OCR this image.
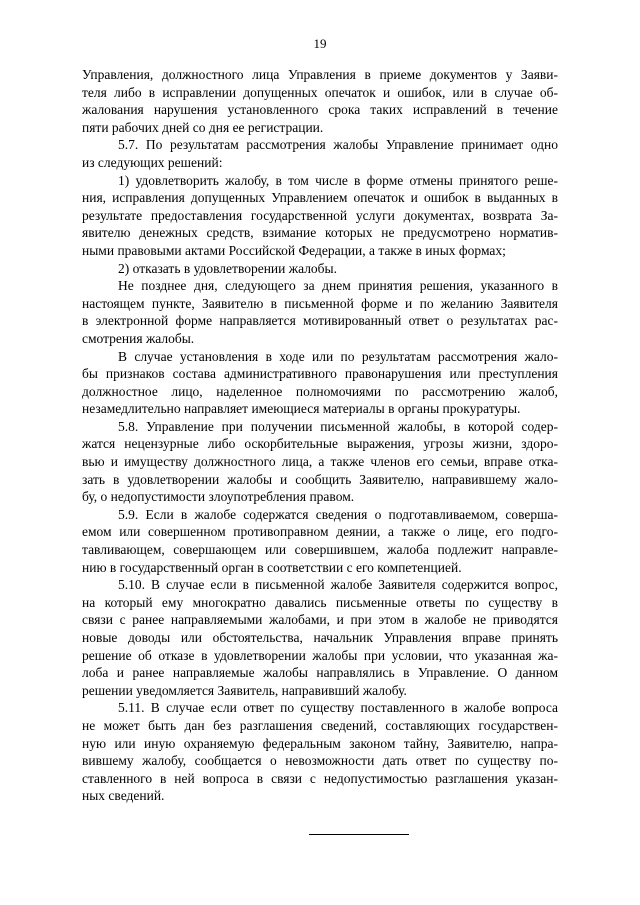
19
Управления, должностного лица Управления в приеме документов у Заяви-
теля либо в исправлении допущенных опечаток и ошибок, или в случае об-
жалования нарушения установленного срока таких исправлений в течение
пяти рабочих дней со дня ее регистрации.
5.7. По результатам рассмотрения жалобы Управление принимает одно
из следующих решений:
1) удовлетворить жалобу, в том числе в форме отмены принятого реше-
ния, исправления допущенных Управлением опечаток и ошибок в выданных в
результате предоставления государственной услуги документах, возврата За-
явителю денежных средств, взимание которых не предусмотрено норматив-
ными правовыми актами Российской Федерации, а также в иных формах;
2) отказать в удовлетворении жалобы.
Не позднее дня, следующего за днем принятия решения, указанного в
настоящем пункте, Заявителю в письменной форме и по желанию Заявителя
в электронной форме направляется мотивированный ответ о результатах рас-
смотрения жалобы.
В случае установления в ходе или по результатам рассмотрения жало-
бы признаков состава административного правонарушения или преступления
должностное лицо, наделенное полномочиями по рассмотрению жалоб,
незамедлительно направляет имеющиеся материалы в органы прокуратуры.
5.8. Управление при получении письменной жалобы, в которой содер-
жатся нецензурные либо оскорбительные выражения, угрозы жизни, здоро-
вью и имуществу должностного лица, а также членов его семьи, вправе отка-
зать в удовлетворении жалобы и сообщить Заявителю, направившему жало-
бу, о недопустимости злоупотребления правом.
5.9. Если в жалобе содержатся сведения о подготавливаемом, соверша-
емом или совершенном противоправном деянии, а также о лице, его подго-
тавливающем, совершающем или совершившем, жалоба подлежит направле-
нию в государственный орган в соответствии с его компетенцией.
5.10. В случае если в письменной жалобе Заявителя содержится вопрос,
на который ему многократно давались письменные ответы по существу в
связи с ранее направляемыми жалобами, и при этом в жалобе не приводятся
новые доводы или обстоятельства, начальник Управления вправе принять
решение об отказе в удовлетворении жалобы при условии, что указанная жа-
лоба и ранее направляемые жалобы направлялись в Управление. О данном
решении уведомляется Заявитель, направивший жалобу.
5.11. В случае если ответ по существу поставленного в жалобе вопроса
не может быть дан без разглашения сведений, составляющих государствен-
ную или иную охраняемую федеральным законом тайну, Заявителю, напра-
вившему жалобу, сообщается о невозможности дать ответ по существу по-
ставленного в ней вопроса в связи с недопустимостью разглашения указан-
ных сведений.
